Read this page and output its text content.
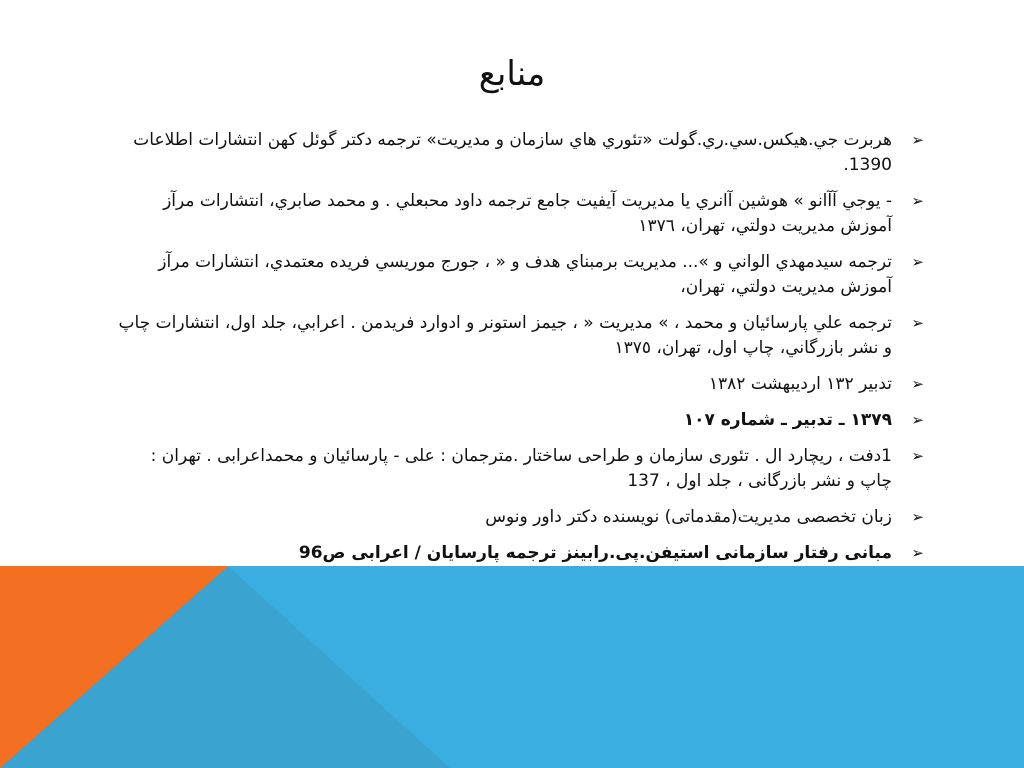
منابع
➢
هربرت جي.هيكس.سي.ري.گولت «تئوري هاي سازمان و مديريت» ترجمه دكتر گوئل كهن انتشارات اطلاعات 1390.
➢
- يوجي آآانو » هوشين آانري يا مديريت آيفيت جامع ترجمه داود محبعلي . و محمد صابري، انتشارات مرآز آموزش مديريت دولتي، تهران، ١٣٧٦
➢
ترجمه سيدمهدي الواني و »... مديريت برمبناي هدف و « ، جورج موريسي فريده معتمدي، انتشارات مرآز آموزش مديريت دولتي، تهران،
➢
ترجمه علي پارسائيان و محمد ، » مديريت « ، جيمز استونر و ادوارد فريدمن . اعرابي، جلد اول، انتشارات چاپ و نشر بازرگاني، چاپ اول، تهران، ١٣٧٥
➢
تدبير ١٣٢ ارديبهشت ١٣٨٢
➢
١٣٧٩ ـ تدبير ـ شماره ١٠٧
➢
1دفت ، ريچارد ال . تئوری سازمان و طراحی ساختار .مترجمان : علی - پارسائیان و محمداعرابی . تهران : چاپ و نشر بازرگانی ، جلد اول ، 137
➢
زبان تخصصی مدیریت(مقدماتی) نویسنده دکتر داور ونوس
➢
مبانی رفتار سازمانی استیفن.پی.رابینز ترجمه پارسایان / اعرابی ص96
